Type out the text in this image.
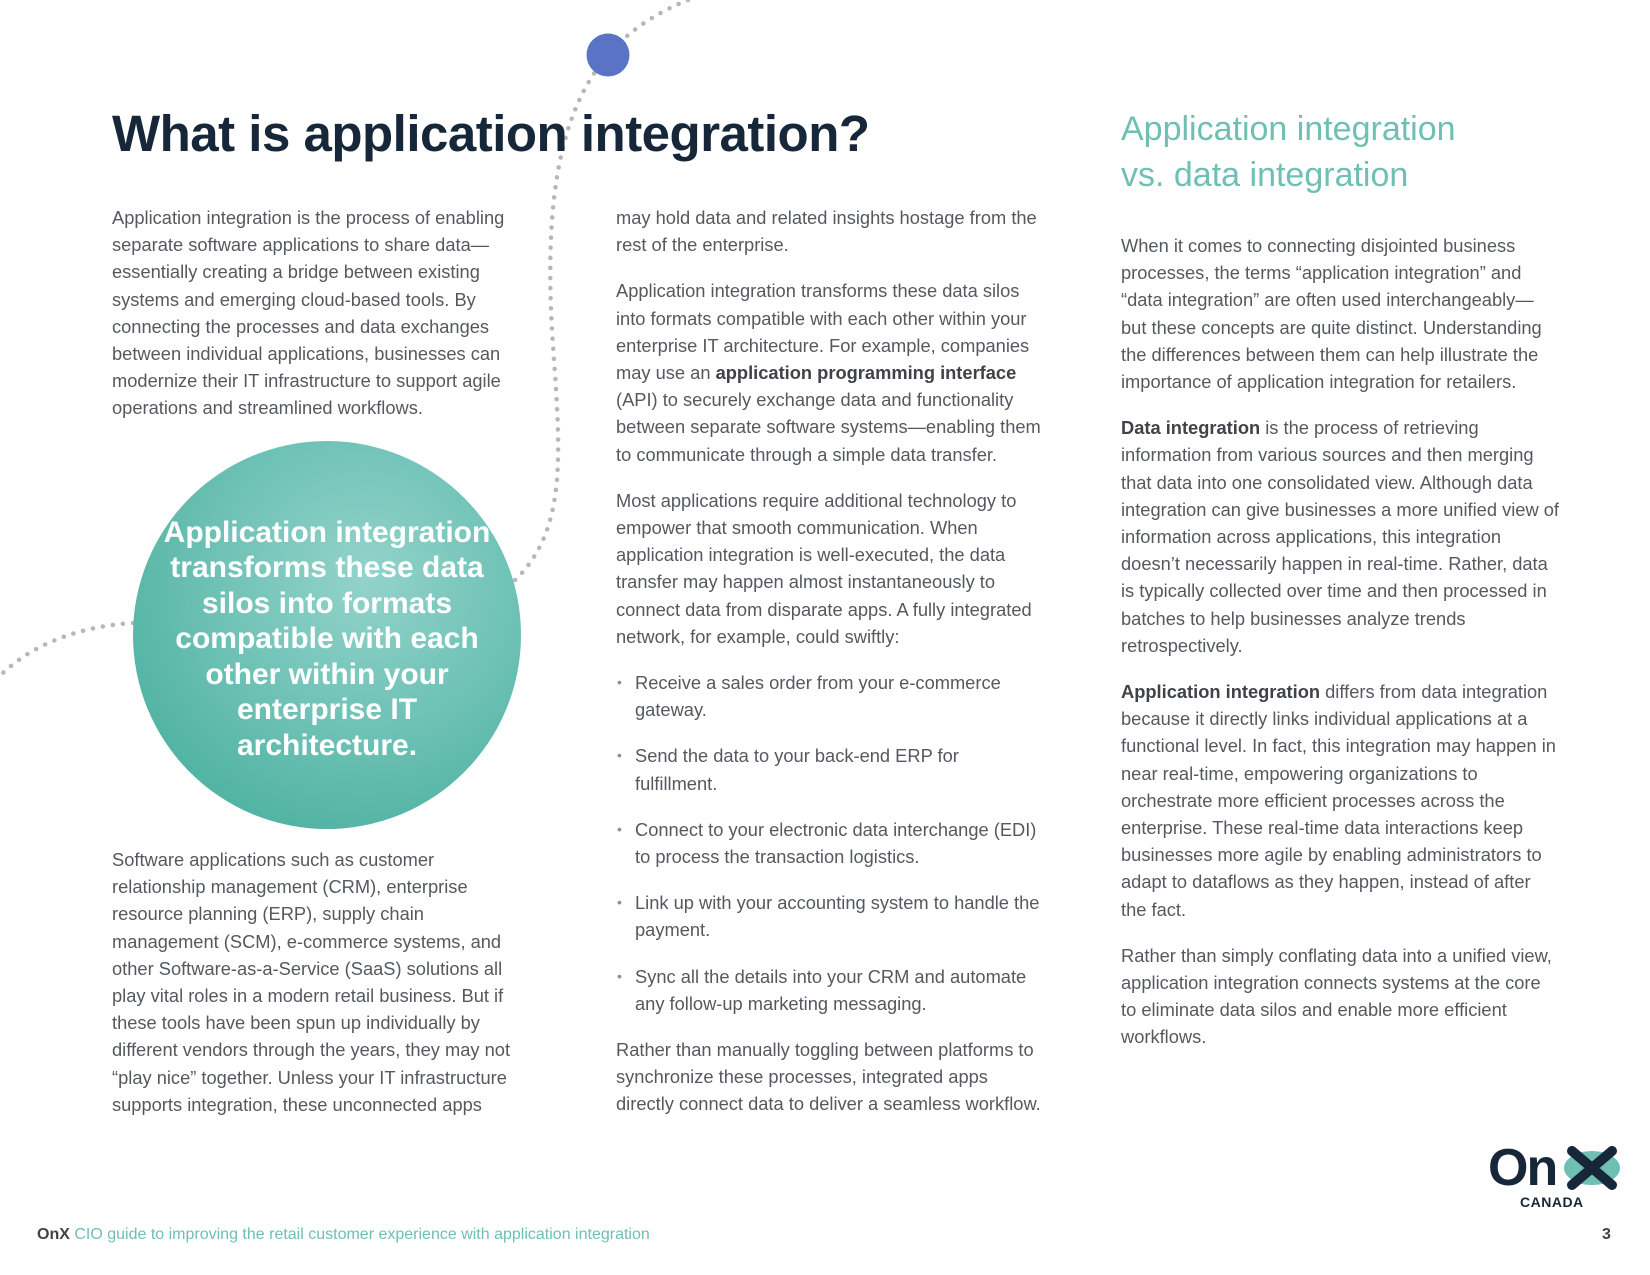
What is application integration?

Application integration is the process of enabling separate software applications to share data—essentially creating a bridge between existing systems and emerging cloud-based tools. By connecting the processes and data exchanges between individual applications, businesses can modernize their IT infrastructure to support agile operations and streamlined workflows.

Application integration transforms these data silos into formats compatible with each other within your enterprise IT architecture.

Software applications such as customer relationship management (CRM), enterprise resource planning (ERP), supply chain management (SCM), e-commerce systems, and other Software-as-a-Service (SaaS) solutions all play vital roles in a modern retail business. But if these tools have been spun up individually by different vendors through the years, they may not “play nice” together. Unless your IT infrastructure supports integration, these unconnected apps

may hold data and related insights hostage from the rest of the enterprise.

Application integration transforms these data silos into formats compatible with each other within your enterprise IT architecture. For example, companies may use an application programming interface (API) to securely exchange data and functionality between separate software systems—enabling them to communicate through a simple data transfer.

Most applications require additional technology to empower that smooth communication. When application integration is well-executed, the data transfer may happen almost instantaneously to connect data from disparate apps. A fully integrated network, for example, could swiftly:

• Receive a sales order from your e-commerce gateway.
• Send the data to your back-end ERP for fulfillment.
• Connect to your electronic data interchange (EDI) to process the transaction logistics.
• Link up with your accounting system to handle the payment.
• Sync all the details into your CRM and automate any follow-up marketing messaging.

Rather than manually toggling between platforms to synchronize these processes, integrated apps directly connect data to deliver a seamless workflow.

Application integration
vs. data integration

When it comes to connecting disjointed business processes, the terms “application integration” and “data integration” are often used interchangeably—but these concepts are quite distinct. Understanding the differences between them can help illustrate the importance of application integration for retailers.

Data integration is the process of retrieving information from various sources and then merging that data into one consolidated view. Although data integration can give businesses a more unified view of information across applications, this integration doesn’t necessarily happen in real-time. Rather, data is typically collected over time and then processed in batches to help businesses analyze trends retrospectively.

Application integration differs from data integration because it directly links individual applications at a functional level. In fact, this integration may happen in near real-time, empowering organizations to orchestrate more efficient processes across the enterprise. These real-time data interactions keep businesses more agile by enabling administrators to adapt to dataflows as they happen, instead of after the fact.

Rather than simply conflating data into a unified view, application integration connects systems at the core to eliminate data silos and enable more efficient workflows.

On
CANADA
OnX CIO guide to improving the retail customer experience with application integration	3
